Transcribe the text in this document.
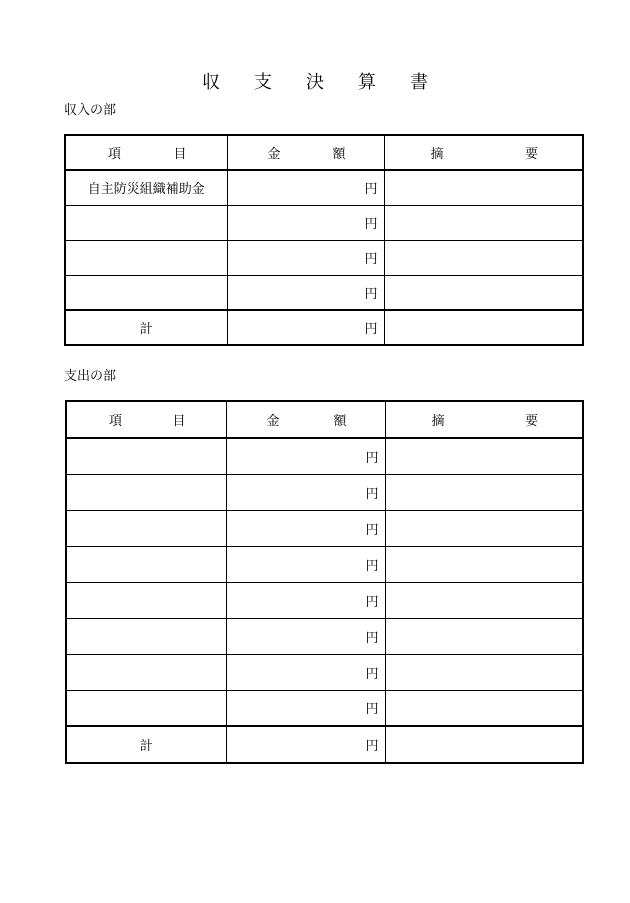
収 支 決 算 書
収入の部
項 目	金 額	摘 要

自主防災組織補助金	円	
	円	
	円	
	円	
計	円	
支出の部
項 目	金 額	摘 要

	円	
	円	
	円	
	円	
	円	
	円	
	円	
	円	
計	円	
